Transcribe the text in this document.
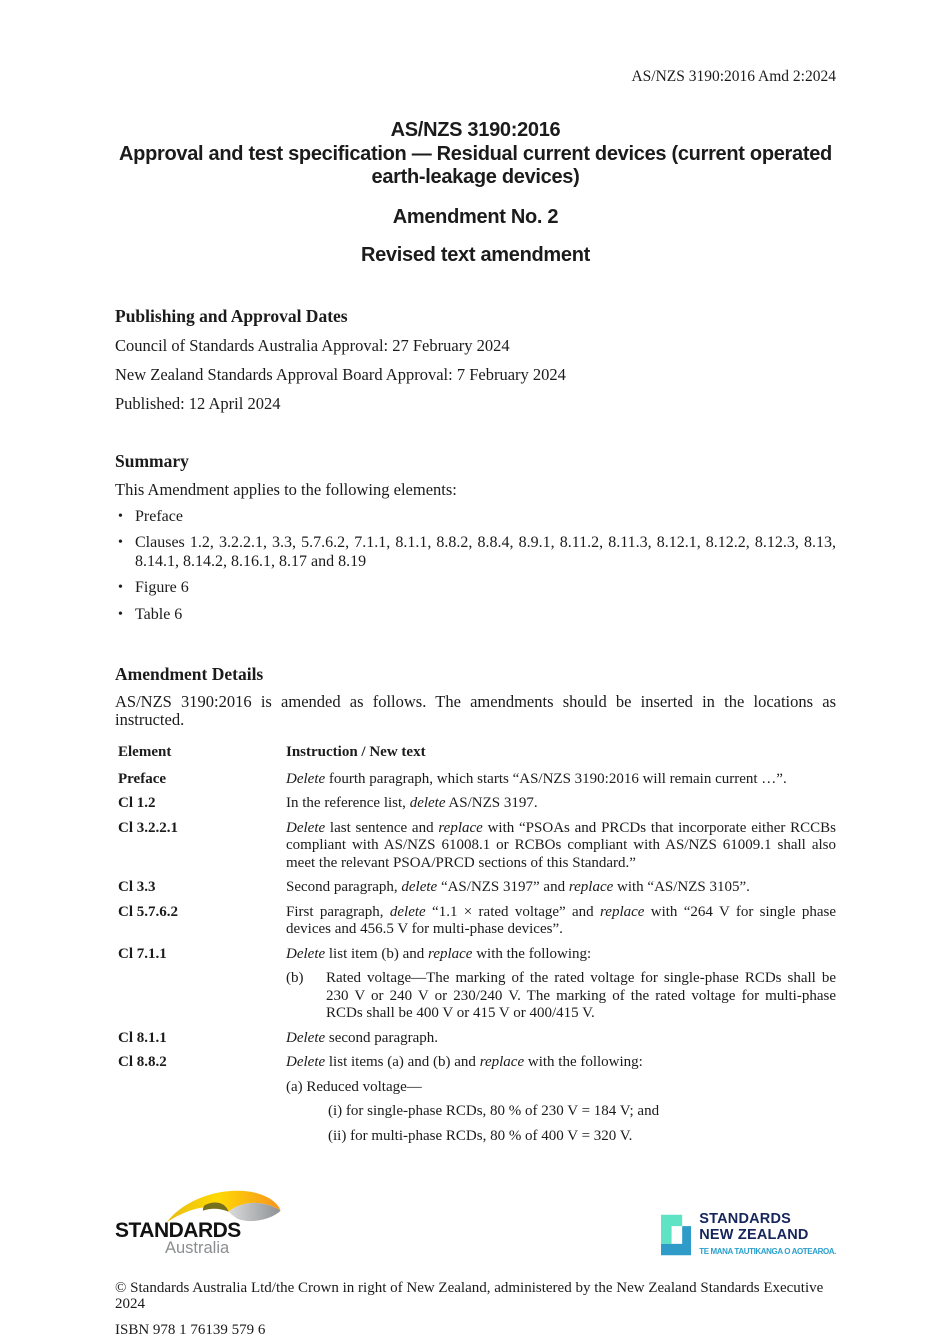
AS/NZS 3190:2016 Amd 2:2024
AS/NZS 3190:2016
Approval and test specification — Residual current devices (current operated earth-leakage devices)
Amendment No. 2
Revised text amendment
Publishing and Approval Dates

Council of Standards Australia Approval: 27 February 2024

New Zealand Standards Approval Board Approval: 7 February 2024

Published: 12 April 2024

Summary

This Amendment applies to the following elements:

• Preface
• Clauses 1.2, 3.2.2.1, 3.3, 5.7.6.2, 7.1.1, 8.1.1, 8.8.2, 8.8.4, 8.9.1, 8.11.2, 8.11.3, 8.12.1, 8.12.2, 8.12.3, 8.13, 8.14.1, 8.14.2, 8.16.1, 8.17 and 8.19
• Figure 6
• Table 6
Amendment Details

AS/NZS 3190:2016 is amended as follows. The amendments should be inserted in the locations as instructed.

Element	Instruction / New text
Preface	Delete fourth paragraph, which starts “AS/NZS 3190:2016 will remain current …”.

Cl 1.2	In the reference list, delete AS/NZS 3197.

Cl 3.2.2.1	Delete last sentence and replace with “PSOAs and PRCDs that incorporate either RCCBs compliant with AS/NZS 61008.1 or RCBOs compliant with AS/NZS 61009.1 shall also meet the relevant PSOA/PRCD sections of this Standard.”

Cl 3.3	Second paragraph, delete “AS/NZS 3197” and replace with “AS/NZS 3105”.

Cl 5.7.6.2	First paragraph, delete “1.1 × rated voltage” and replace with “264 V for single phase devices and 456.5 V for multi-phase devices”.

Cl 7.1.1	Delete list item (b) and replace with the following:

(b) Rated voltage—The marking of the rated voltage for single-phase RCDs shall be 230 V or 240 V or 230/240 V. The marking of the rated voltage for multi-phase RCDs shall be 400 V or 415 V or 400/415 V.

Cl 8.1.1	Delete second paragraph.

Cl 8.8.2	Delete list items (a) and (b) and replace with the following:

(a) Reduced voltage—

(i) for single-phase RCDs, 80 % of 230 V = 184 V; and

(ii) for multi-phase RCDs, 80 % of 400 V = 320 V.

STANDARDS
Australia
STANDARDS
NEW ZEALAND
TE MANA TAUTIKANGA O AOTEAROA.
© Standards Australia Ltd/the Crown in right of New Zealand, administered by the New Zealand Standards Executive 2024
ISBN 978 1 76139 579 6
